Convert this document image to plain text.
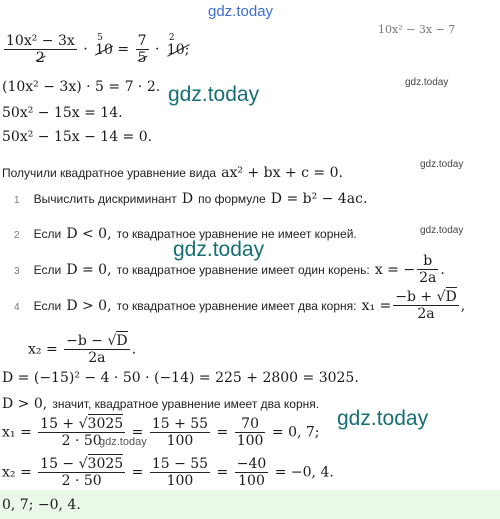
gdz.today
gdz.today
gdz.today
gdz.today
gdz.today
gdz.today
gdz.today
10x² − 3x − 7
$\frac{\text{10x² − 3x}}{2}$ ·
5
$10 = \frac{7}{5}$ ·
2
10;
(10x² − 3x) · 5 = 7 · 2.
50x² − 15x = 14.
50x² − 15x − 14 = 0.
Получили квадратное уравнение вида ax² + bx + c = 0.
1 Вычислить дискриминант D по формуле D = b² − 4ac.
2 Если D < 0, то квадратное уравнение не имеет корней.
3 Если D = 0, то квадратное уравнение имеет один корень: x = − $\frac{b}{2a}$ .
4 Если D > 0, то квадратное уравнение имеет два корня: $x_1 = \frac{-b + √D}{2a}$ ,
$x_2 = \frac{-b - √D}{2a}$ .
D = (−15)² − 4 · 50 · (−14) = 225 + 2800 = 3025.
D > 0, значит, квадратное уравнение имеет два корня.
$x_1 = \frac{15 + √3025}{2 \cdot 50} = \frac{15 + 55}{100} = \frac{70}{100} = 0$, 7;
gdz.today
$x_2 = \frac{15 - √3025}{2 \cdot 50} = \frac{15 - 55}{100} = \frac{-40}{100} = -0$, 4.
0, 7; −0, 4.
